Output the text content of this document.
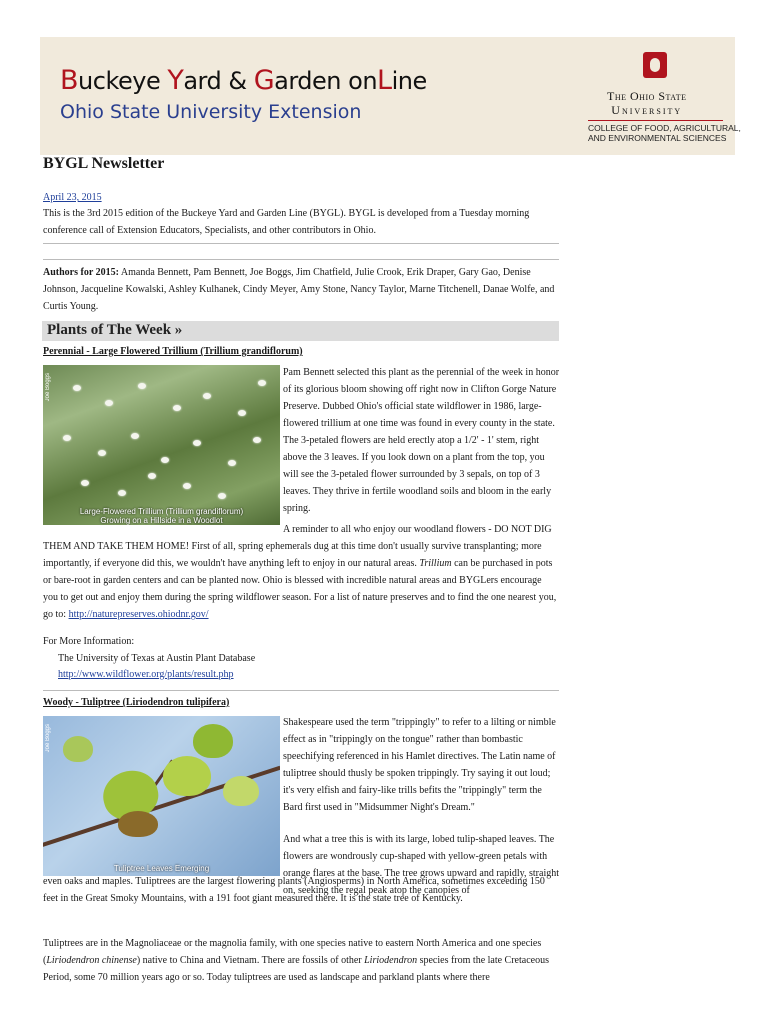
Buckeye Yard & Garden onLine
Ohio State University Extension
The Ohio State
University
COLLEGE OF FOOD, AGRICULTURAL,
AND ENVIRONMENTAL SCIENCES
BYGL Newsletter
April 23, 2015

This is the 3rd 2015 edition of the Buckeye Yard and Garden Line (BYGL). BYGL is developed from a Tuesday morning conference call of Extension Educators, Specialists, and other contributors in Ohio.

Authors for 2015: Amanda Bennett, Pam Bennett, Joe Boggs, Jim Chatfield, Julie Crook, Erik Draper, Gary Gao, Denise Johnson, Jacqueline Kowalski, Ashley Kulhanek, Cindy Meyer, Amy Stone, Nancy Taylor, Marne Titchenell, Danae Wolfe, and Curtis Young.

Plants of The Week »
Perennial - Large Flowered Trillium (Trillium grandiflorum)
Joe Boggs
Large-Flowered Trillium (Trillium grandiflorum)
Growing on a Hillside in a Woodlot

Pam Bennett selected this plant as the perennial of the week in honor of its glorious bloom showing off right now in Clifton Gorge Nature Preserve. Dubbed Ohio's official state wildflower in 1986, large-flowered trillium at one time was found in every county in the state. The 3-petaled flowers are held erectly atop a 1/2' - 1' stem, right above the 3 leaves. If you look down on a plant from the top, you will see the 3-petaled flower surrounded by 3 sepals, on top of 3 leaves. They thrive in fertile woodland soils and bloom in the early spring.

A reminder to all who enjoy our woodland flowers - DO NOT DIG THEM AND TAKE THEM HOME! First of all, spring ephemerals dug at this time don't usually survive transplanting; more importantly, if everyone did this, we wouldn't have anything left to enjoy in our natural areas. Trillium can be purchased in pots or bare-root in garden centers and can be planted now. Ohio is blessed with incredible natural areas and BYGLers encourage you to get out and enjoy them during the spring wildflower season. For a list of nature preserves and to find the one nearest you, go to: http://naturepreserves.ohiodnr.gov/

For More Information:
The University of Texas at Austin Plant Database
http://www.wildflower.org/plants/result.php
Woody - Tuliptree (Liriodendron tulipifera)
Joe Boggs
Tuliptree Leaves Emerging

Shakespeare used the term "trippingly" to refer to a lilting or nimble effect as in "trippingly on the tongue" rather than bombastic speechifying referenced in his Hamlet directives. The Latin name of tuliptree should thusly be spoken trippingly. Try saying it out loud; it's very elfish and fairy-like trills befits the "trippingly" term the Bard first used in "Midsummer Night's Dream."

And what a tree this is with its large, lobed tulip-shaped leaves. The flowers are wondrously cup-shaped with yellow-green petals with orange flares at the base. The tree grows upward and rapidly, straight on, seeking the regal peak atop the canopies of

even oaks and maples. Tuliptrees are the largest flowering plants (Angiosperms) in North America, sometimes exceeding 150 feet in the Great Smoky Mountains, with a 191 foot giant measured there. It is the state tree of Kentucky.

Tuliptrees are in the Magnoliaceae or the magnolia family, with one species native to eastern North America and one species (Liriodendron chinense) native to China and Vietnam. There are fossils of other Liriodendron species from the late Cretaceous Period, some 70 million years ago or so. Today tuliptrees are used as landscape and parkland plants where there
